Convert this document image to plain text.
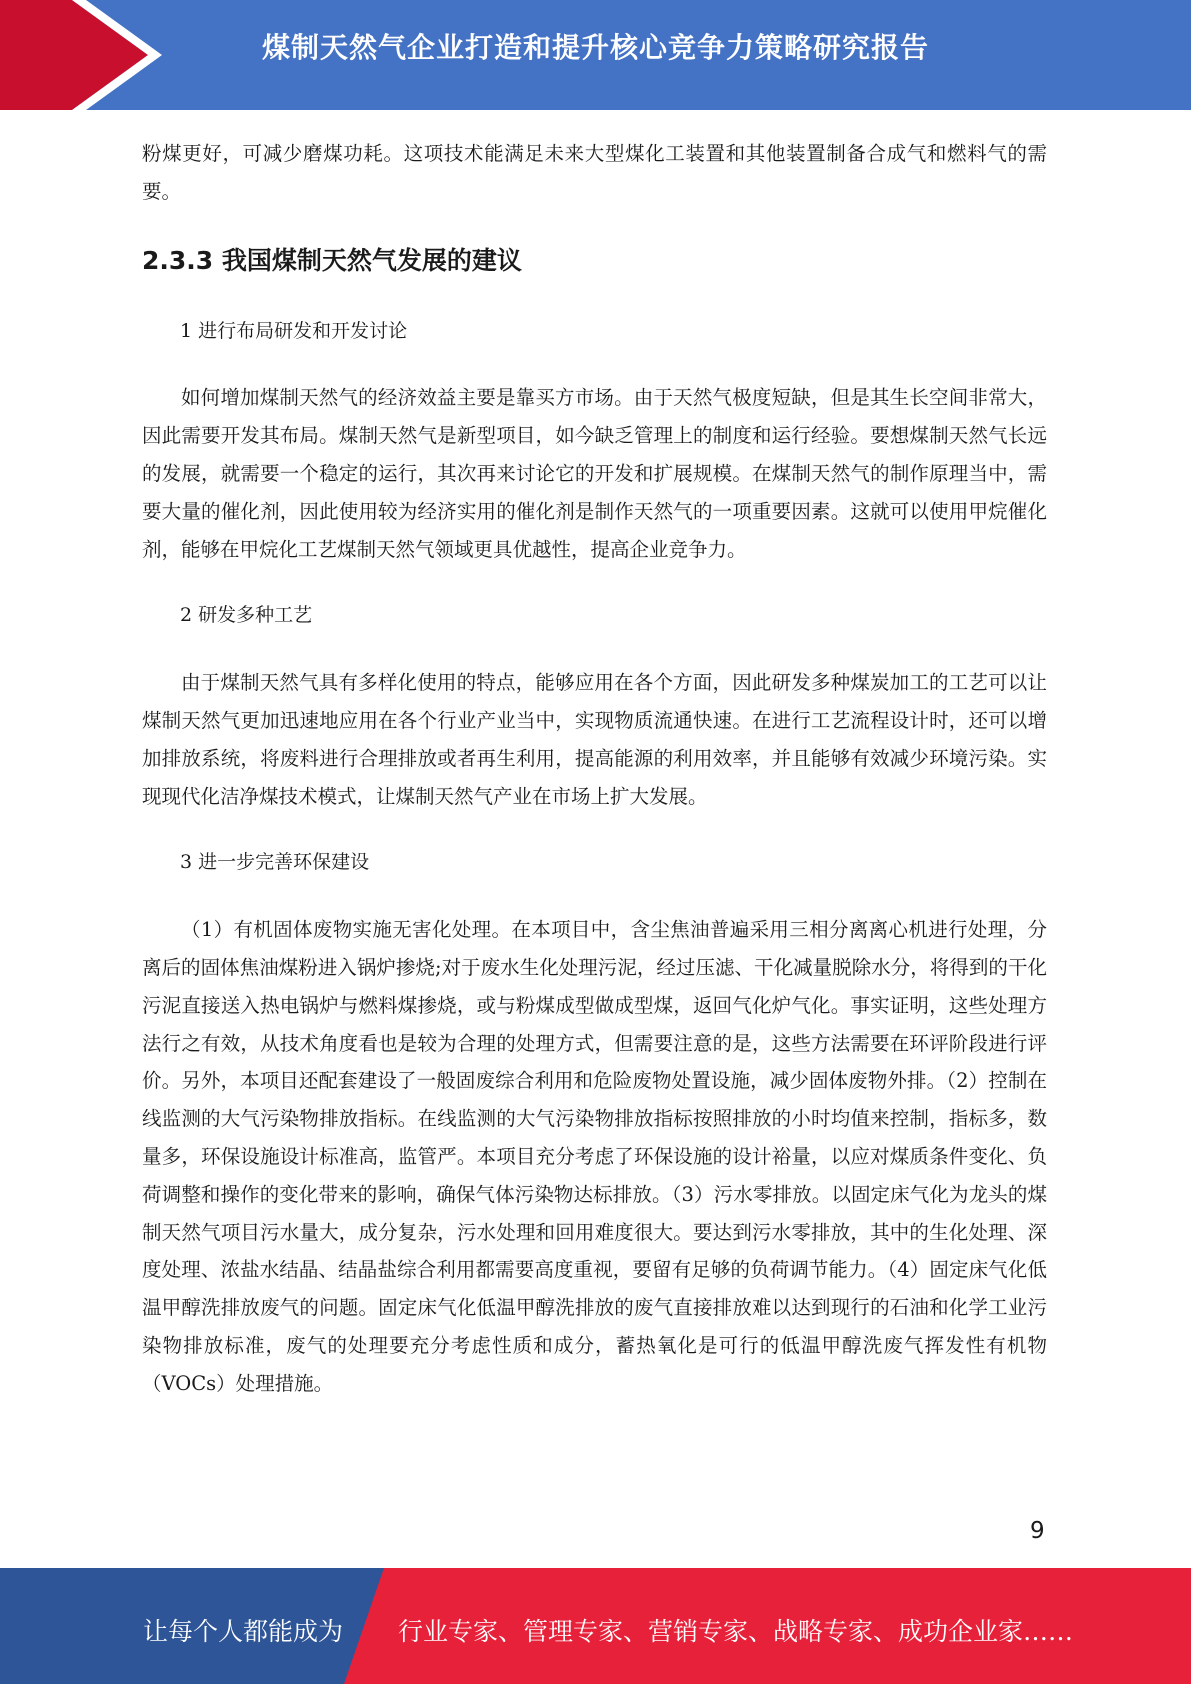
煤制天然气企业打造和提升核心竞争力策略研究报告

粉煤更好，可减少磨煤功耗。这项技术能满足未来大型煤化工装置和其他装置制备合成气和燃料气的需要。

2.3.3 我国煤制天然气发展的建议

1 进行布局研发和开发讨论

如何增加煤制天然气的经济效益主要是靠买方市场。由于天然气极度短缺，但是其生长空间非常大，因此需要开发其布局。煤制天然气是新型项目，如今缺乏管理上的制度和运行经验。要想煤制天然气长远的发展，就需要一个稳定的运行，其次再来讨论它的开发和扩展规模。在煤制天然气的制作原理当中，需要大量的催化剂，因此使用较为经济实用的催化剂是制作天然气的一项重要因素。这就可以使用甲烷催化剂，能够在甲烷化工艺煤制天然气领域更具优越性，提高企业竞争力。

2 研发多种工艺

由于煤制天然气具有多样化使用的特点，能够应用在各个方面，因此研发多种煤炭加工的工艺可以让煤制天然气更加迅速地应用在各个行业产业当中，实现物质流通快速。在进行工艺流程设计时，还可以增加排放系统，将废料进行合理排放或者再生利用，提高能源的利用效率，并且能够有效减少环境污染。实现现代化洁净煤技术模式，让煤制天然气产业在市场上扩大发展。

3 进一步完善环保建设

（1）有机固体废物实施无害化处理。在本项目中，含尘焦油普遍采用三相分离离心机进行处理，分离后的固体焦油煤粉进入锅炉掺烧;对于废水生化处理污泥，经过压滤、干化减量脱除水分，将得到的干化污泥直接送入热电锅炉与燃料煤掺烧，或与粉煤成型做成型煤，返回气化炉气化。事实证明，这些处理方法行之有效，从技术角度看也是较为合理的处理方式，但需要注意的是，这些方法需要在环评阶段进行评价。另外，本项目还配套建设了一般固废综合利用和危险废物处置设施，减少固体废物外排。（2）控制在线监测的大气污染物排放指标。在线监测的大气污染物排放指标按照排放的小时均值来控制，指标多，数量多，环保设施设计标准高，监管严。本项目充分考虑了环保设施的设计裕量，以应对煤质条件变化、负荷调整和操作的变化带来的影响，确保气体污染物达标排放。（3）污水零排放。以固定床气化为龙头的煤制天然气项目污水量大，成分复杂，污水处理和回用难度很大。要达到污水零排放，其中的生化处理、深度处理、浓盐水结晶、结晶盐综合利用都需要高度重视，要留有足够的负荷调节能力。（4）固定床气化低温甲醇洗排放废气的问题。固定床气化低温甲醇洗排放的废气直接排放难以达到现行的石油和化学工业污染物排放标准，废气的处理要充分考虑性质和成分，蓄热氧化是可行的低温甲醇洗废气挥发性有机物（VOCs）处理措施。

9
让每个人都能成为 行业专家、管理专家、营销专家、战略专家、成功企业家……
